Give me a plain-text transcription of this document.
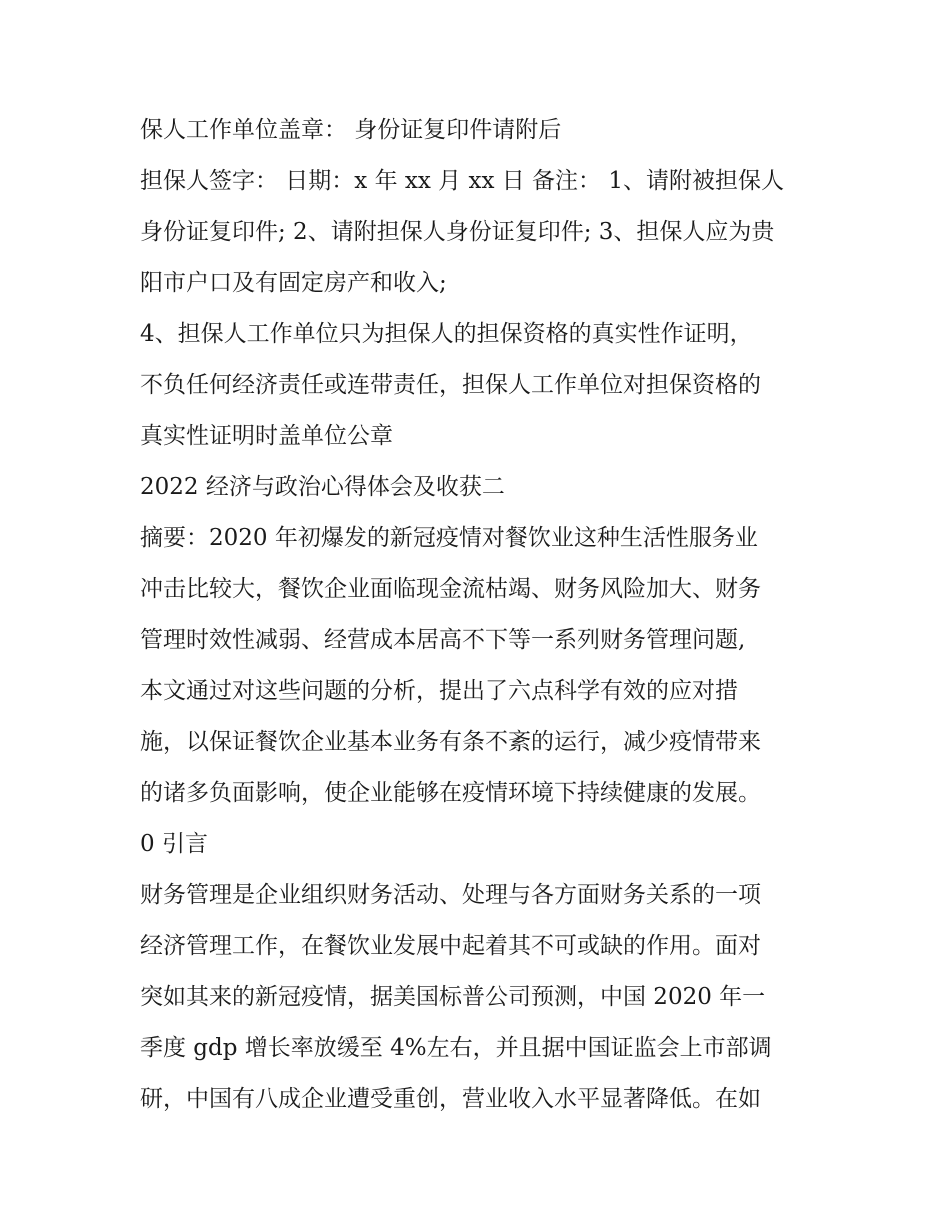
保人工作单位盖章： 身份证复印件请附后
担保人签字： 日期：x 年 xx 月 xx 日 备注： 1、请附被担保人
身份证复印件; 2、请附担保人身份证复印件; 3、担保人应为贵
阳市户口及有固定房产和收入;
4、担保人工作单位只为担保人的担保资格的真实性作证明，
不负任何经济责任或连带责任，担保人工作单位对担保资格的
真实性证明时盖单位公章
2022 经济与政治心得体会及收获二
摘要：2020 年初爆发的新冠疫情对餐饮业这种生活性服务业
冲击比较大，餐饮企业面临现金流枯竭、财务风险加大、财务
管理时效性减弱、经营成本居高不下等一系列财务管理问题,
本文通过对这些问题的分析，提出了六点科学有效的应对措
施，以保证餐饮企业基本业务有条不紊的运行，减少疫情带来
的诸多负面影响，使企业能够在疫情环境下持续健康的发展。
0 引言
财务管理是企业组织财务活动、处理与各方面财务关系的一项
经济管理工作，在餐饮业发展中起着其不可或缺的作用。面对
突如其来的新冠疫情，据美国标普公司预测，中国 2020 年一
季度 gdp 增长率放缓至 4%左右，并且据中国证监会上市部调
研，中国有八成企业遭受重创，营业收入水平显著降低。在如
